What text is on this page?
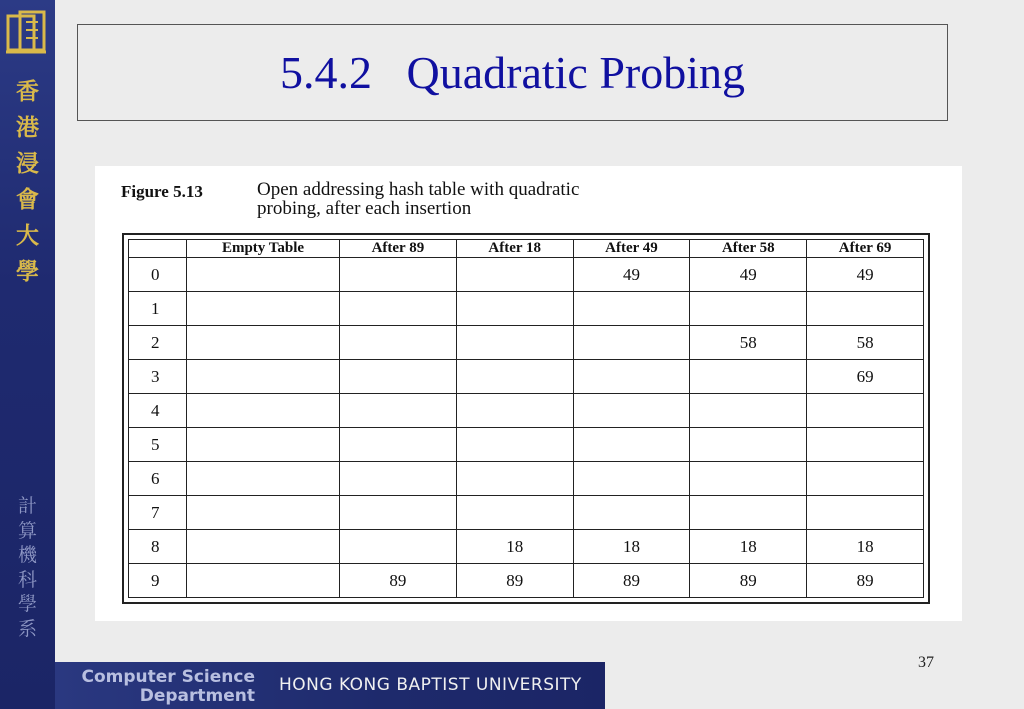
香
港
浸
會
大
學
計
算
機
科
學
系
5.4.2   Quadratic Probing
Figure 5.13	Open addressing hash table with quadratic
probing, after each insertion
	Empty Table	After 89	After 18	After 49	After 58	After 69
0				49	49	49
1						
2					58	58
3						69
4						
5						
6						
7						
8			18	18	18	18
9		89	89	89	89	89
37
Computer Science
Department
HONG KONG BAPTIST UNIVERSITY
